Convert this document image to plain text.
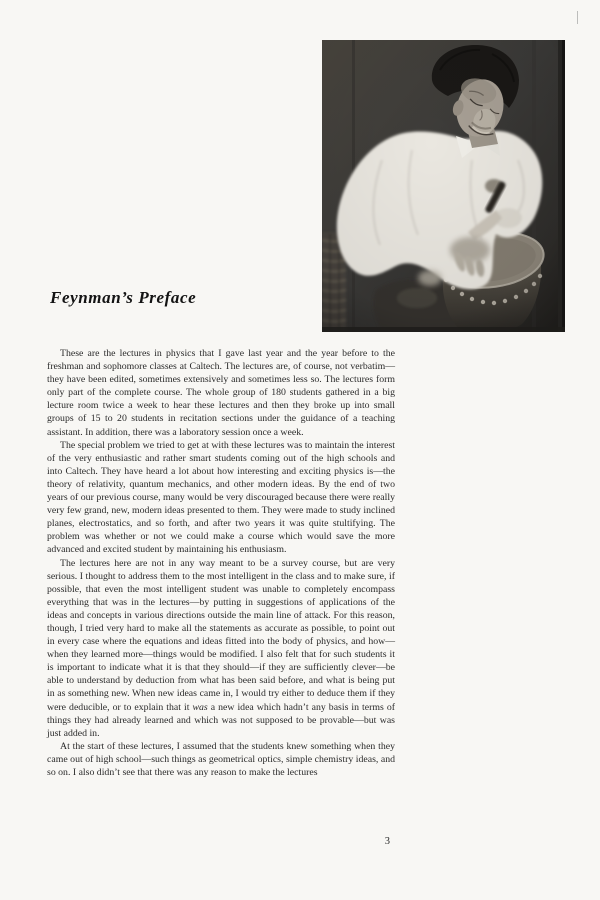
Feynman’s Preface

These are the lectures in physics that I gave last year and the year before to the freshman and sophomore classes at Caltech. The lectures are, of course, not verbatim—they have been edited, sometimes extensively and sometimes less so. The lectures form only part of the complete course. The whole group of 180 students gathered in a big lecture room twice a week to hear these lectures and then they broke up into small groups of 15 to 20 students in recitation sections under the guidance of a teaching assistant. In addition, there was a laboratory session once a week.

The special problem we tried to get at with these lectures was to maintain the interest of the very enthusiastic and rather smart students coming out of the high schools and into Caltech. They have heard a lot about how interesting and exciting physics is—the theory of relativity, quantum mechanics, and other modern ideas. By the end of two years of our previous course, many would be very discouraged because there were really very few grand, new, modern ideas presented to them. They were made to study inclined planes, electrostatics, and so forth, and after two years it was quite stultifying. The problem was whether or not we could make a course which would save the more advanced and excited student by maintaining his enthusiasm.

The lectures here are not in any way meant to be a survey course, but are very serious. I thought to address them to the most intelligent in the class and to make sure, if possible, that even the most intelligent student was unable to completely encompass everything that was in the lectures—by putting in suggestions of applications of the ideas and concepts in various directions outside the main line of attack. For this reason, though, I tried very hard to make all the statements as accurate as possible, to point out in every case where the equations and ideas fitted into the body of physics, and how—when they learned more—things would be modified. I also felt that for such students it is important to indicate what it is that they should—if they are sufficiently clever—be able to understand by deduction from what has been said before, and what is being put in as something new. When new ideas came in, I would try either to deduce them if they were deducible, or to explain that it was a new idea which hadn’t any basis in terms of things they had already learned and which was not supposed to be provable—but was just added in.

At the start of these lectures, I assumed that the students knew something when they came out of high school—such things as geometrical optics, simple chemistry ideas, and so on. I also didn’t see that there was any reason to make the lectures

3
